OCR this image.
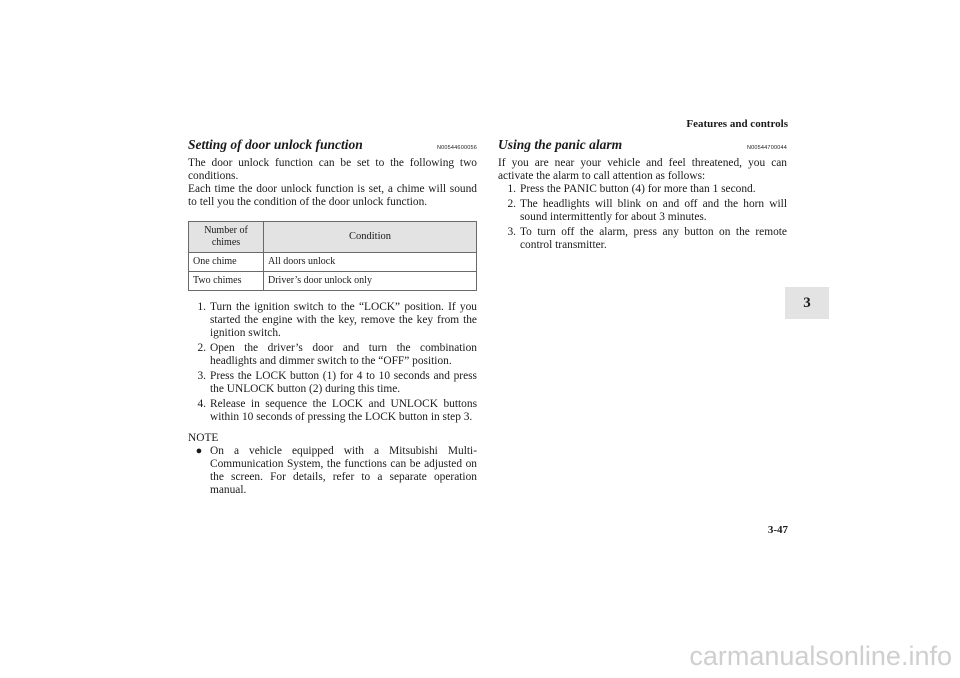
Features and controls
3
Setting of door unlock function	N00544600056

The door unlock function can be set to the following two conditions.

Each time the door unlock function is set, a chime will sound to tell you the condition of the door unlock function.

Number of chimes	Condition
One chime	All doors unlock
Two chimes	Driver’s door unlock only
1. Turn the ignition switch to the “LOCK” position. If you started the engine with the key, remove the key from the ignition switch.
2. Open the driver’s door and turn the combination headlights and dimmer switch to the “OFF” position.
3. Press the LOCK button (1) for 4 to 10 seconds and press the UNLOCK button (2) during this time.
4. Release in sequence the LOCK and UNLOCK buttons within 10 seconds of pressing the LOCK button in step 3.
NOTE
● On a vehicle equipped with a Mitsubishi Multi-Communication System, the functions can be adjusted on the screen. For details, refer to a separate operation manual.
Using the panic alarm	N00544700044

If you are near your vehicle and feel threatened, you can activate the alarm to call attention as follows:

1. Press the PANIC button (4) for more than 1 second.
2. The headlights will blink on and off and the horn will sound intermittently for about 3 minutes.
3. To turn off the alarm, press any button on the remote control transmitter.
3-47
carmanualsonline.info
